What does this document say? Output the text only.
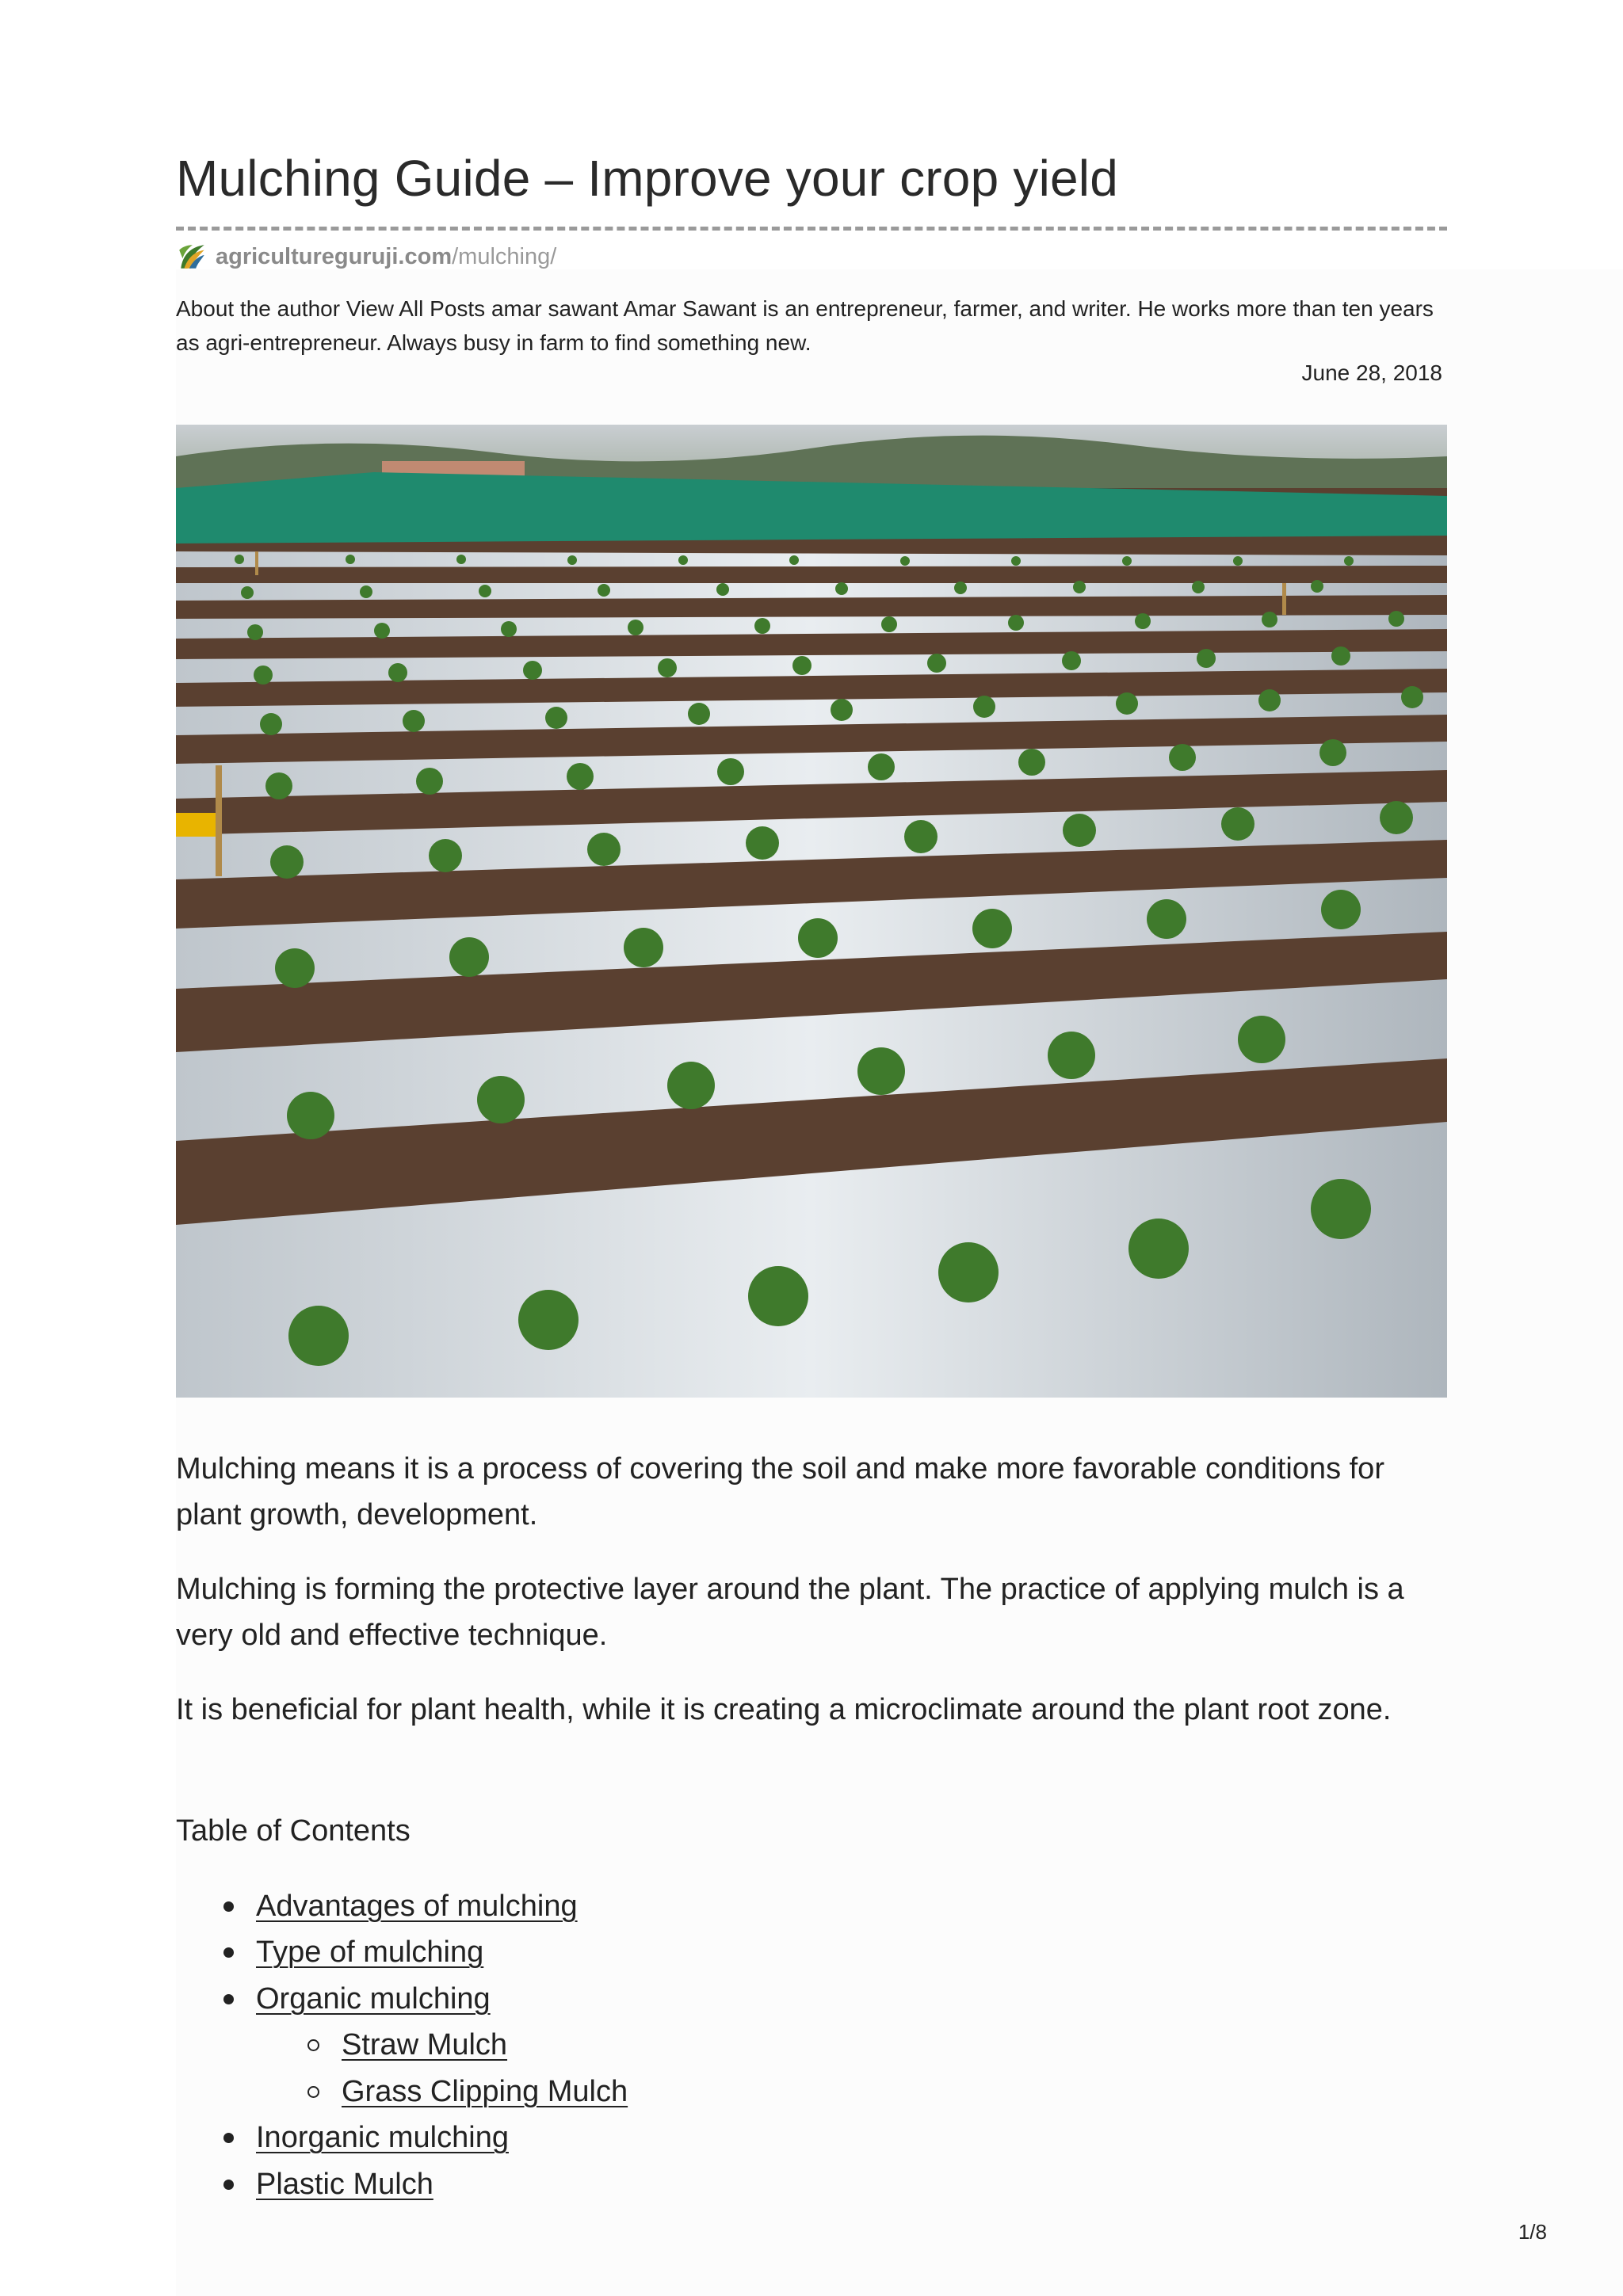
Mulching Guide – Improve your crop yield
agricultureguruji.com /mulching/

About the author View All Posts amar sawant Amar Sawant is an entrepreneur, farmer, and writer. He works more than ten years as agri-entrepreneur. Always busy in farm to find something new.

June 28, 2018

Mulching means it is a process of covering the soil and make more favorable conditions for plant growth, development.

Mulching is forming the protective layer around the plant. The practice of applying mulch is a very old and effective technique.

It is beneficial for plant health, while it is creating a microclimate around the plant root zone.

Table of Contents

Advantages of mulching
Type of mulching
Organic mulching
Straw Mulch
Grass Clipping Mulch
Inorganic mulching
Plastic Mulch
1/8
